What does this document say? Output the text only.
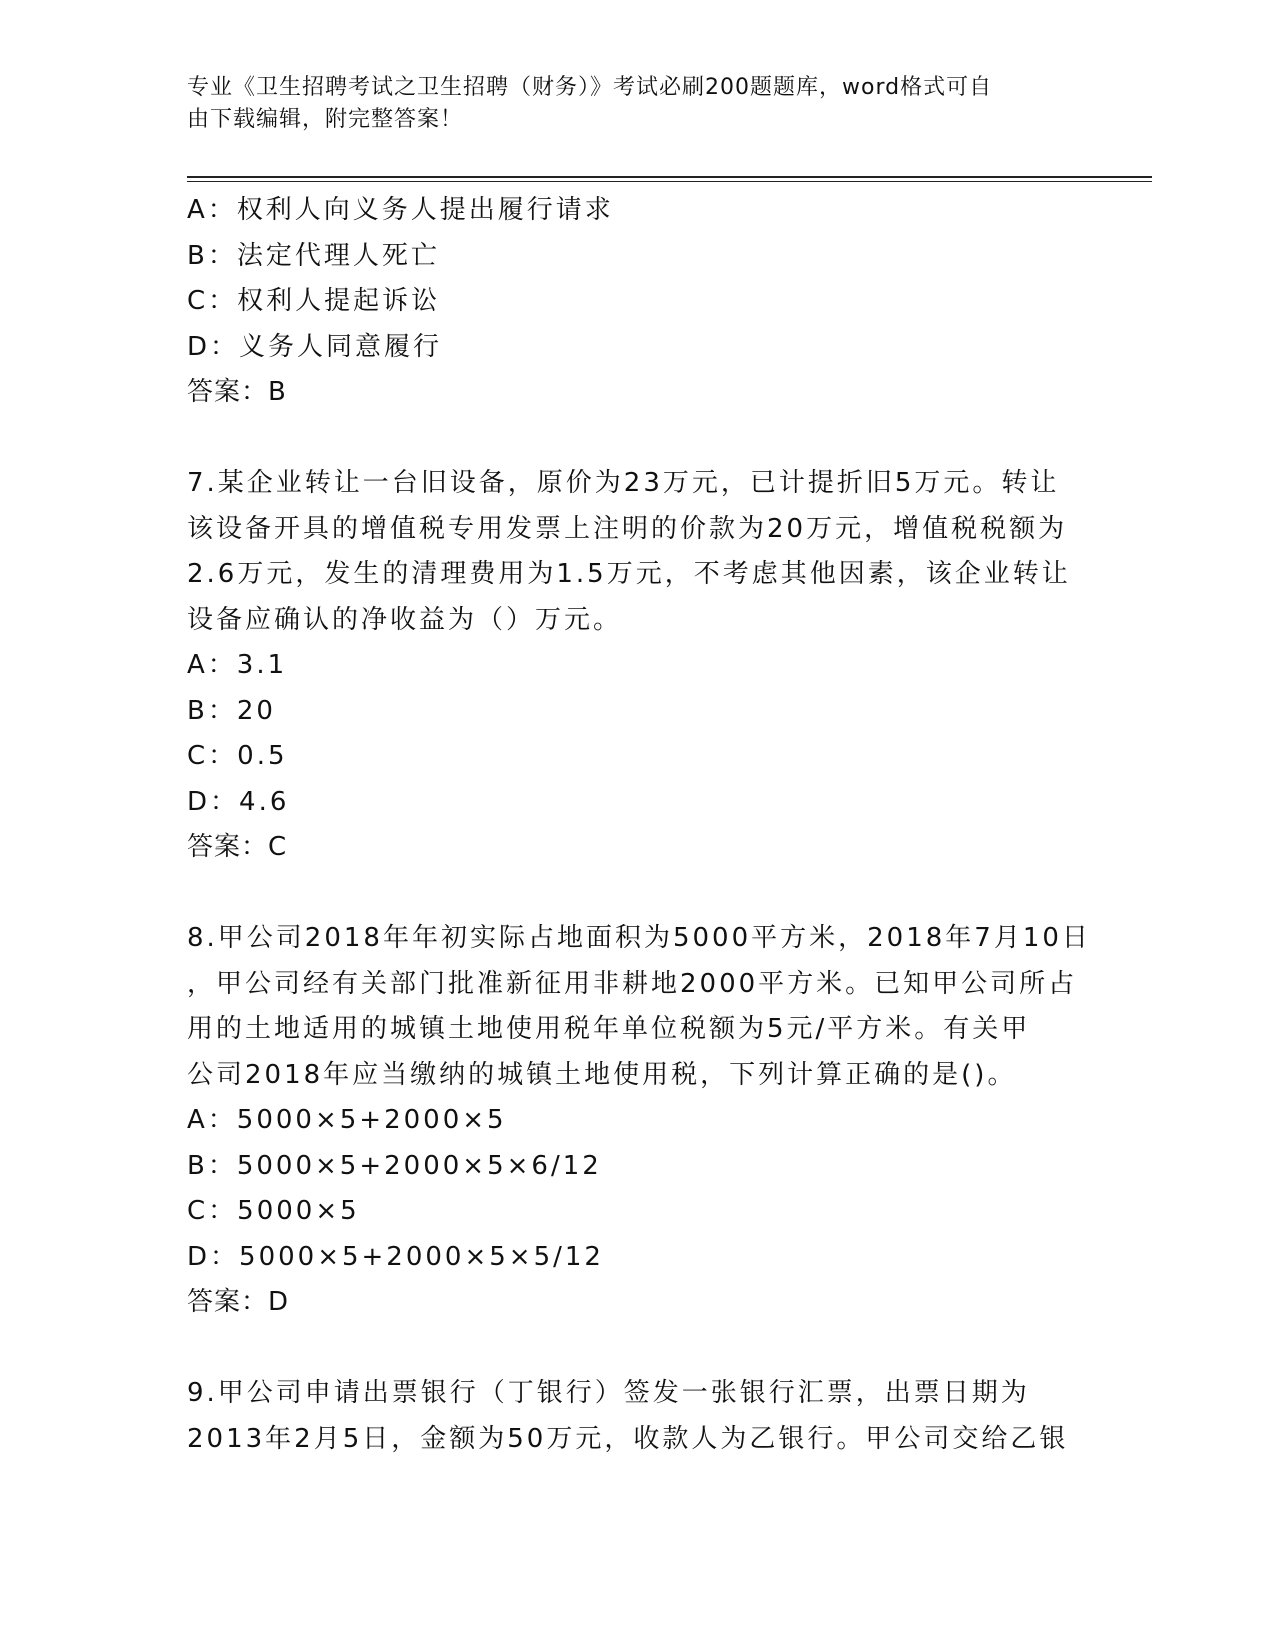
专业《卫生招聘考试之卫生招聘（财务）》考试必刷200题题库，word格式可自
由下载编辑，附完整答案！
A：权利人向义务人提出履行请求
B：法定代理人死亡
C：权利人提起诉讼
D：义务人同意履行
答案：B
7.某企业转让一台旧设备，原价为23万元，已计提折旧5万元。转让
该设备开具的增值税专用发票上注明的价款为20万元，增值税税额为
2.6万元，发生的清理费用为1.5万元，不考虑其他因素，该企业转让
设备应确认的净收益为（）万元。
A：3.1
B：20
C：0.5
D：4.6
答案：C
8.甲公司2018年年初实际占地面积为5000平方米，2018年7月10日
，甲公司经有关部门批准新征用非耕地2000平方米。已知甲公司所占
用的土地适用的城镇土地使用税年单位税额为5元/平方米。有关甲
公司2018年应当缴纳的城镇土地使用税，下列计算正确的是()。
A：5000×5+2000×5
B：5000×5+2000×5×6/12
C：5000×5
D：5000×5+2000×5×5/12
答案：D
9.甲公司申请出票银行（丁银行）签发一张银行汇票，出票日期为
2013年2月5日，金额为50万元，收款人为乙银行。甲公司交给乙银
